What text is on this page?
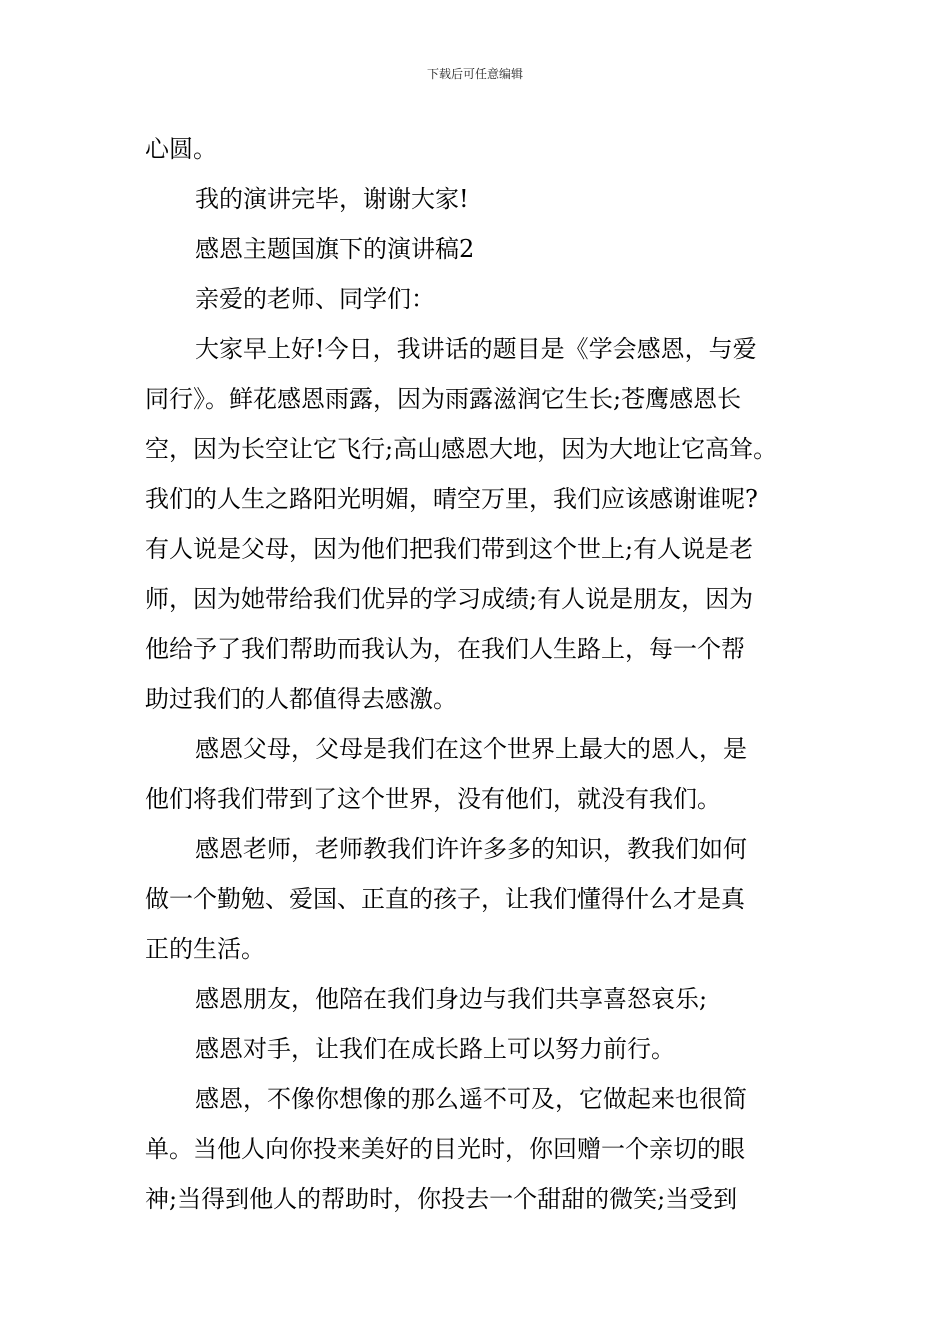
下载后可任意编辑
心圆。
我的演讲完毕，谢谢大家!
感恩主题国旗下的演讲稿2
亲爱的老师、同学们：
大家早上好!今日，我讲话的题目是《学会感恩，与爱
同行》。鲜花感恩雨露，因为雨露滋润它生长;苍鹰感恩长
空，因为长空让它飞行;高山感恩大地，因为大地让它高耸。
我们的人生之路阳光明媚，晴空万里，我们应该感谢谁呢?
有人说是父母，因为他们把我们带到这个世上;有人说是老
师，因为她带给我们优异的学习成绩;有人说是朋友，因为
他给予了我们帮助而我认为，在我们人生路上，每一个帮
助过我们的人都值得去感激。
感恩父母，父母是我们在这个世界上最大的恩人，是
他们将我们带到了这个世界，没有他们，就没有我们。
感恩老师，老师教我们许许多多的知识，教我们如何
做一个勤勉、爱国、正直的孩子，让我们懂得什么才是真
正的生活。
感恩朋友，他陪在我们身边与我们共享喜怒哀乐;
感恩对手，让我们在成长路上可以努力前行。
感恩，不像你想像的那么遥不可及，它做起来也很简
单。当他人向你投来美好的目光时，你回赠一个亲切的眼
神;当得到他人的帮助时，你投去一个甜甜的微笑;当受到
